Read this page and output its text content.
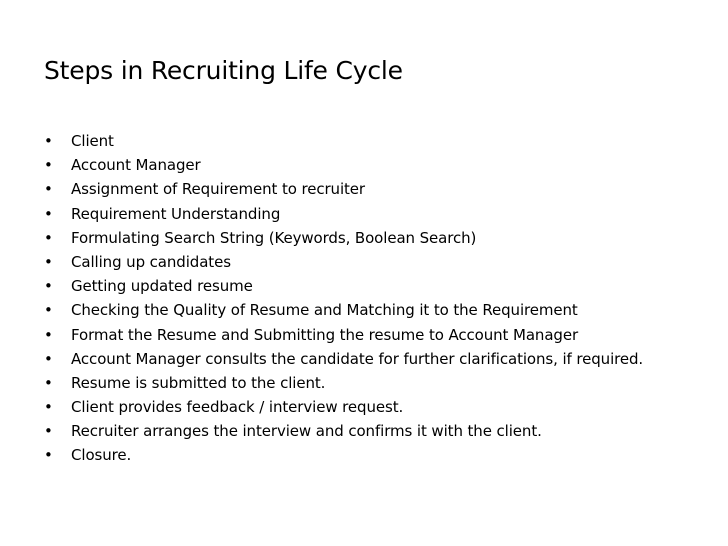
Steps in Recruiting Life Cycle
•	Client
•	Account Manager
•	Assignment of Requirement to recruiter
•	Requirement Understanding
•	Formulating Search String (Keywords, Boolean Search)
•	Calling up candidates
•	Getting updated resume
•	Checking the Quality of Resume and Matching it to the Requirement
•	Format the Resume and Submitting the resume to Account Manager
•	Account Manager consults the candidate for further clarifications, if required.
•	Resume is submitted to the client.
•	Client provides feedback / interview request.
•	Recruiter arranges the interview and confirms it with the client.
•	Closure.
